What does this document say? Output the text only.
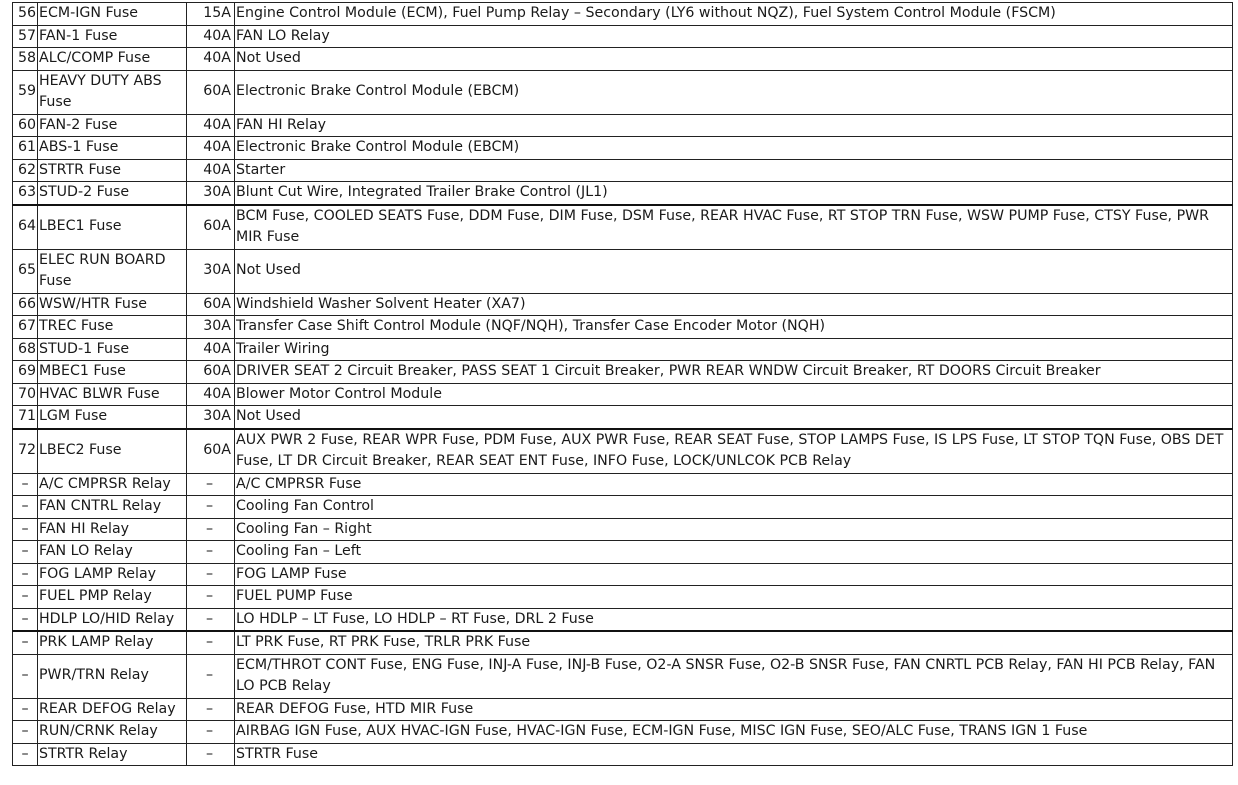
56	ECM-IGN Fuse	15A	Engine Control Module (ECM), Fuel Pump Relay – Secondary (LY6 without NQZ), Fuel System Control Module (FSCM)
57	FAN-1 Fuse	40A	FAN LO Relay
58	ALC/COMP Fuse	40A	Not Used
59	HEAVY DUTY ABS Fuse	60A	Electronic Brake Control Module (EBCM)
60	FAN-2 Fuse	40A	FAN HI Relay
61	ABS-1 Fuse	40A	Electronic Brake Control Module (EBCM)
62	STRTR Fuse	40A	Starter
63	STUD-2 Fuse	30A	Blunt Cut Wire, Integrated Trailer Brake Control (JL1)
64	LBEC1 Fuse	60A	BCM Fuse, COOLED SEATS Fuse, DDM Fuse, DIM Fuse, DSM Fuse, REAR HVAC Fuse, RT STOP TRN Fuse, WSW PUMP Fuse, CTSY Fuse, PWR MIR Fuse
65	ELEC RUN BOARD Fuse	30A	Not Used
66	WSW/HTR Fuse	60A	Windshield Washer Solvent Heater (XA7)
67	TREC Fuse	30A	Transfer Case Shift Control Module (NQF/NQH), Transfer Case Encoder Motor (NQH)
68	STUD-1 Fuse	40A	Trailer Wiring
69	MBEC1 Fuse	60A	DRIVER SEAT 2 Circuit Breaker, PASS SEAT 1 Circuit Breaker, PWR REAR WNDW Circuit Breaker, RT DOORS Circuit Breaker
70	HVAC BLWR Fuse	40A	Blower Motor Control Module
71	LGM Fuse	30A	Not Used
72	LBEC2 Fuse	60A	AUX PWR 2 Fuse, REAR WPR Fuse, PDM Fuse, AUX PWR Fuse, REAR SEAT Fuse, STOP LAMPS Fuse, IS LPS Fuse, LT STOP TQN Fuse, OBS DET Fuse, LT DR Circuit Breaker, REAR SEAT ENT Fuse, INFO Fuse, LOCK/UNLCOK PCB Relay
–	A/C CMPRSR Relay	–	A/C CMPRSR Fuse
–	FAN CNTRL Relay	–	Cooling Fan Control
–	FAN HI Relay	–	Cooling Fan – Right
–	FAN LO Relay	–	Cooling Fan – Left
–	FOG LAMP Relay	–	FOG LAMP Fuse
–	FUEL PMP Relay	–	FUEL PUMP Fuse
–	HDLP LO/HID Relay	–	LO HDLP – LT Fuse, LO HDLP – RT Fuse, DRL 2 Fuse
–	PRK LAMP Relay	–	LT PRK Fuse, RT PRK Fuse, TRLR PRK Fuse
–	PWR/TRN Relay	–	ECM/THROT CONT Fuse, ENG Fuse, INJ-A Fuse, INJ-B Fuse, O2-A SNSR Fuse, O2-B SNSR Fuse, FAN CNRTL PCB Relay, FAN HI PCB Relay, FAN LO PCB Relay
–	REAR DEFOG Relay	–	REAR DEFOG Fuse, HTD MIR Fuse
–	RUN/CRNK Relay	–	AIRBAG IGN Fuse, AUX HVAC-IGN Fuse, HVAC-IGN Fuse, ECM-IGN Fuse, MISC IGN Fuse, SEO/ALC Fuse, TRANS IGN 1 Fuse
–	STRTR Relay	–	STRTR Fuse
